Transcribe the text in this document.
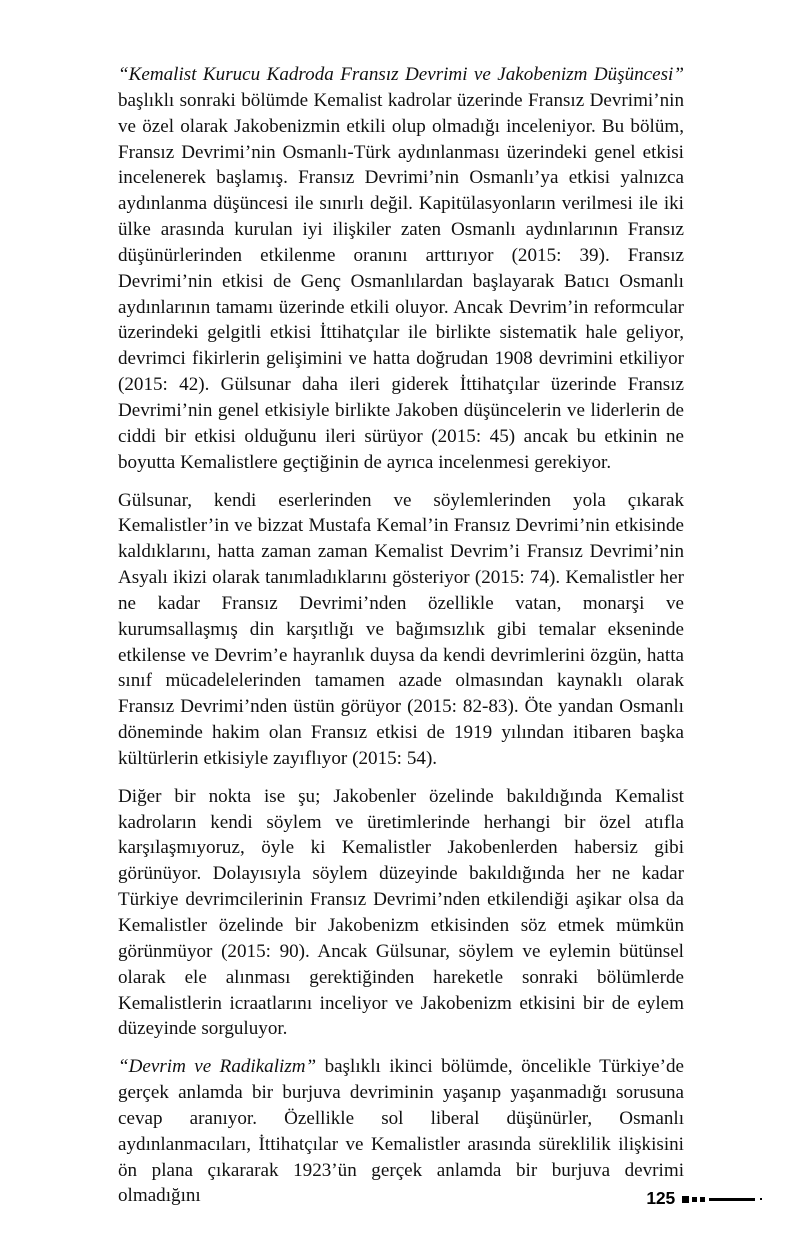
“Kemalist Kurucu Kadroda Fransız Devrimi ve Jakobenizm Düşüncesi” başlıklı sonraki bölümde Kemalist kadrolar üzerinde Fransız Devrimi’nin ve özel olarak Jakobenizmin etkili olup olmadığı inceleniyor. Bu bölüm, Fransız Devrimi’nin Osmanlı-Türk aydınlanması üzerindeki genel etkisi incelenerek başlamış. Fransız Devrimi’nin Osmanlı’ya etkisi yalnızca aydınlanma düşüncesi ile sınırlı değil. Kapitülasyonların verilmesi ile iki ülke arasında kurulan iyi ilişkiler zaten Osmanlı aydınlarının Fransız düşünürlerinden etkilenme oranını arttırıyor (2015: 39). Fransız Devrimi’nin etkisi de Genç Osmanlılardan başlayarak Batıcı Osmanlı aydınlarının tamamı üzerinde etkili oluyor. Ancak Devrim’in reformcular üzerindeki gelgitli etkisi İttihatçılar ile birlikte sistematik hale geliyor, devrimci fikirlerin gelişimini ve hatta doğrudan 1908 devrimini etkiliyor (2015: 42). Gülsunar daha ileri giderek İttihatçılar üzerinde Fransız Devrimi’nin genel etkisiyle birlikte Jakoben düşüncelerin ve liderlerin de ciddi bir etkisi olduğunu ileri sürüyor (2015: 45) ancak bu etkinin ne boyutta Kemalistlere geçtiğinin de ayrıca incelenmesi gerekiyor.

Gülsunar, kendi eserlerinden ve söylemlerinden yola çıkarak Kemalistler’in ve bizzat Mustafa Kemal’in Fransız Devrimi’nin etkisinde kaldıklarını, hatta zaman zaman Kemalist Devrim’i Fransız Devrimi’nin Asyalı ikizi olarak tanımladıklarını gösteriyor (2015: 74). Kemalistler her ne kadar Fransız Devrimi’nden özellikle vatan, monarşi ve kurumsallaşmış din karşıtlığı ve bağımsızlık gibi temalar ekseninde etkilense ve Devrim’e hayranlık duysa da kendi devrimlerini özgün, hatta sınıf mücadelelerinden tamamen azade olmasından kaynaklı olarak Fransız Devrimi’nden üstün görüyor (2015: 82-83). Öte yandan Osmanlı döneminde hakim olan Fransız etkisi de 1919 yılından itibaren başka kültürlerin etkisiyle zayıflıyor (2015: 54).

Diğer bir nokta ise şu; Jakobenler özelinde bakıldığında Kemalist kadroların kendi söylem ve üretimlerinde herhangi bir özel atıfla karşılaşmıyoruz, öyle ki Kemalistler Jakobenlerden habersiz gibi görünüyor. Dolayısıyla söylem düzeyinde bakıldığında her ne kadar Türkiye devrimcilerinin Fransız Devrimi’nden etkilendiği aşikar olsa da Kemalistler özelinde bir Jakobenizm etkisinden söz etmek mümkün görünmüyor (2015: 90). Ancak Gülsunar, söylem ve eylemin bütünsel olarak ele alınması gerektiğinden hareketle sonraki bölümlerde Kemalistlerin icraatlarını inceliyor ve Jakobenizm etkisini bir de eylem düzeyinde sorguluyor.

“Devrim ve Radikalizm” başlıklı ikinci bölümde, öncelikle Türkiye’de gerçek anlamda bir burjuva devriminin yaşanıp yaşanmadığı sorusuna cevap aranıyor. Özellikle sol liberal düşünürler, Osmanlı aydınlanmacıları, İttihatçılar ve Kemalistler arasında süreklilik ilişkisini ön plana çıkararak 1923’ün gerçek anlamda bir burjuva devrimi olmadığını	125
